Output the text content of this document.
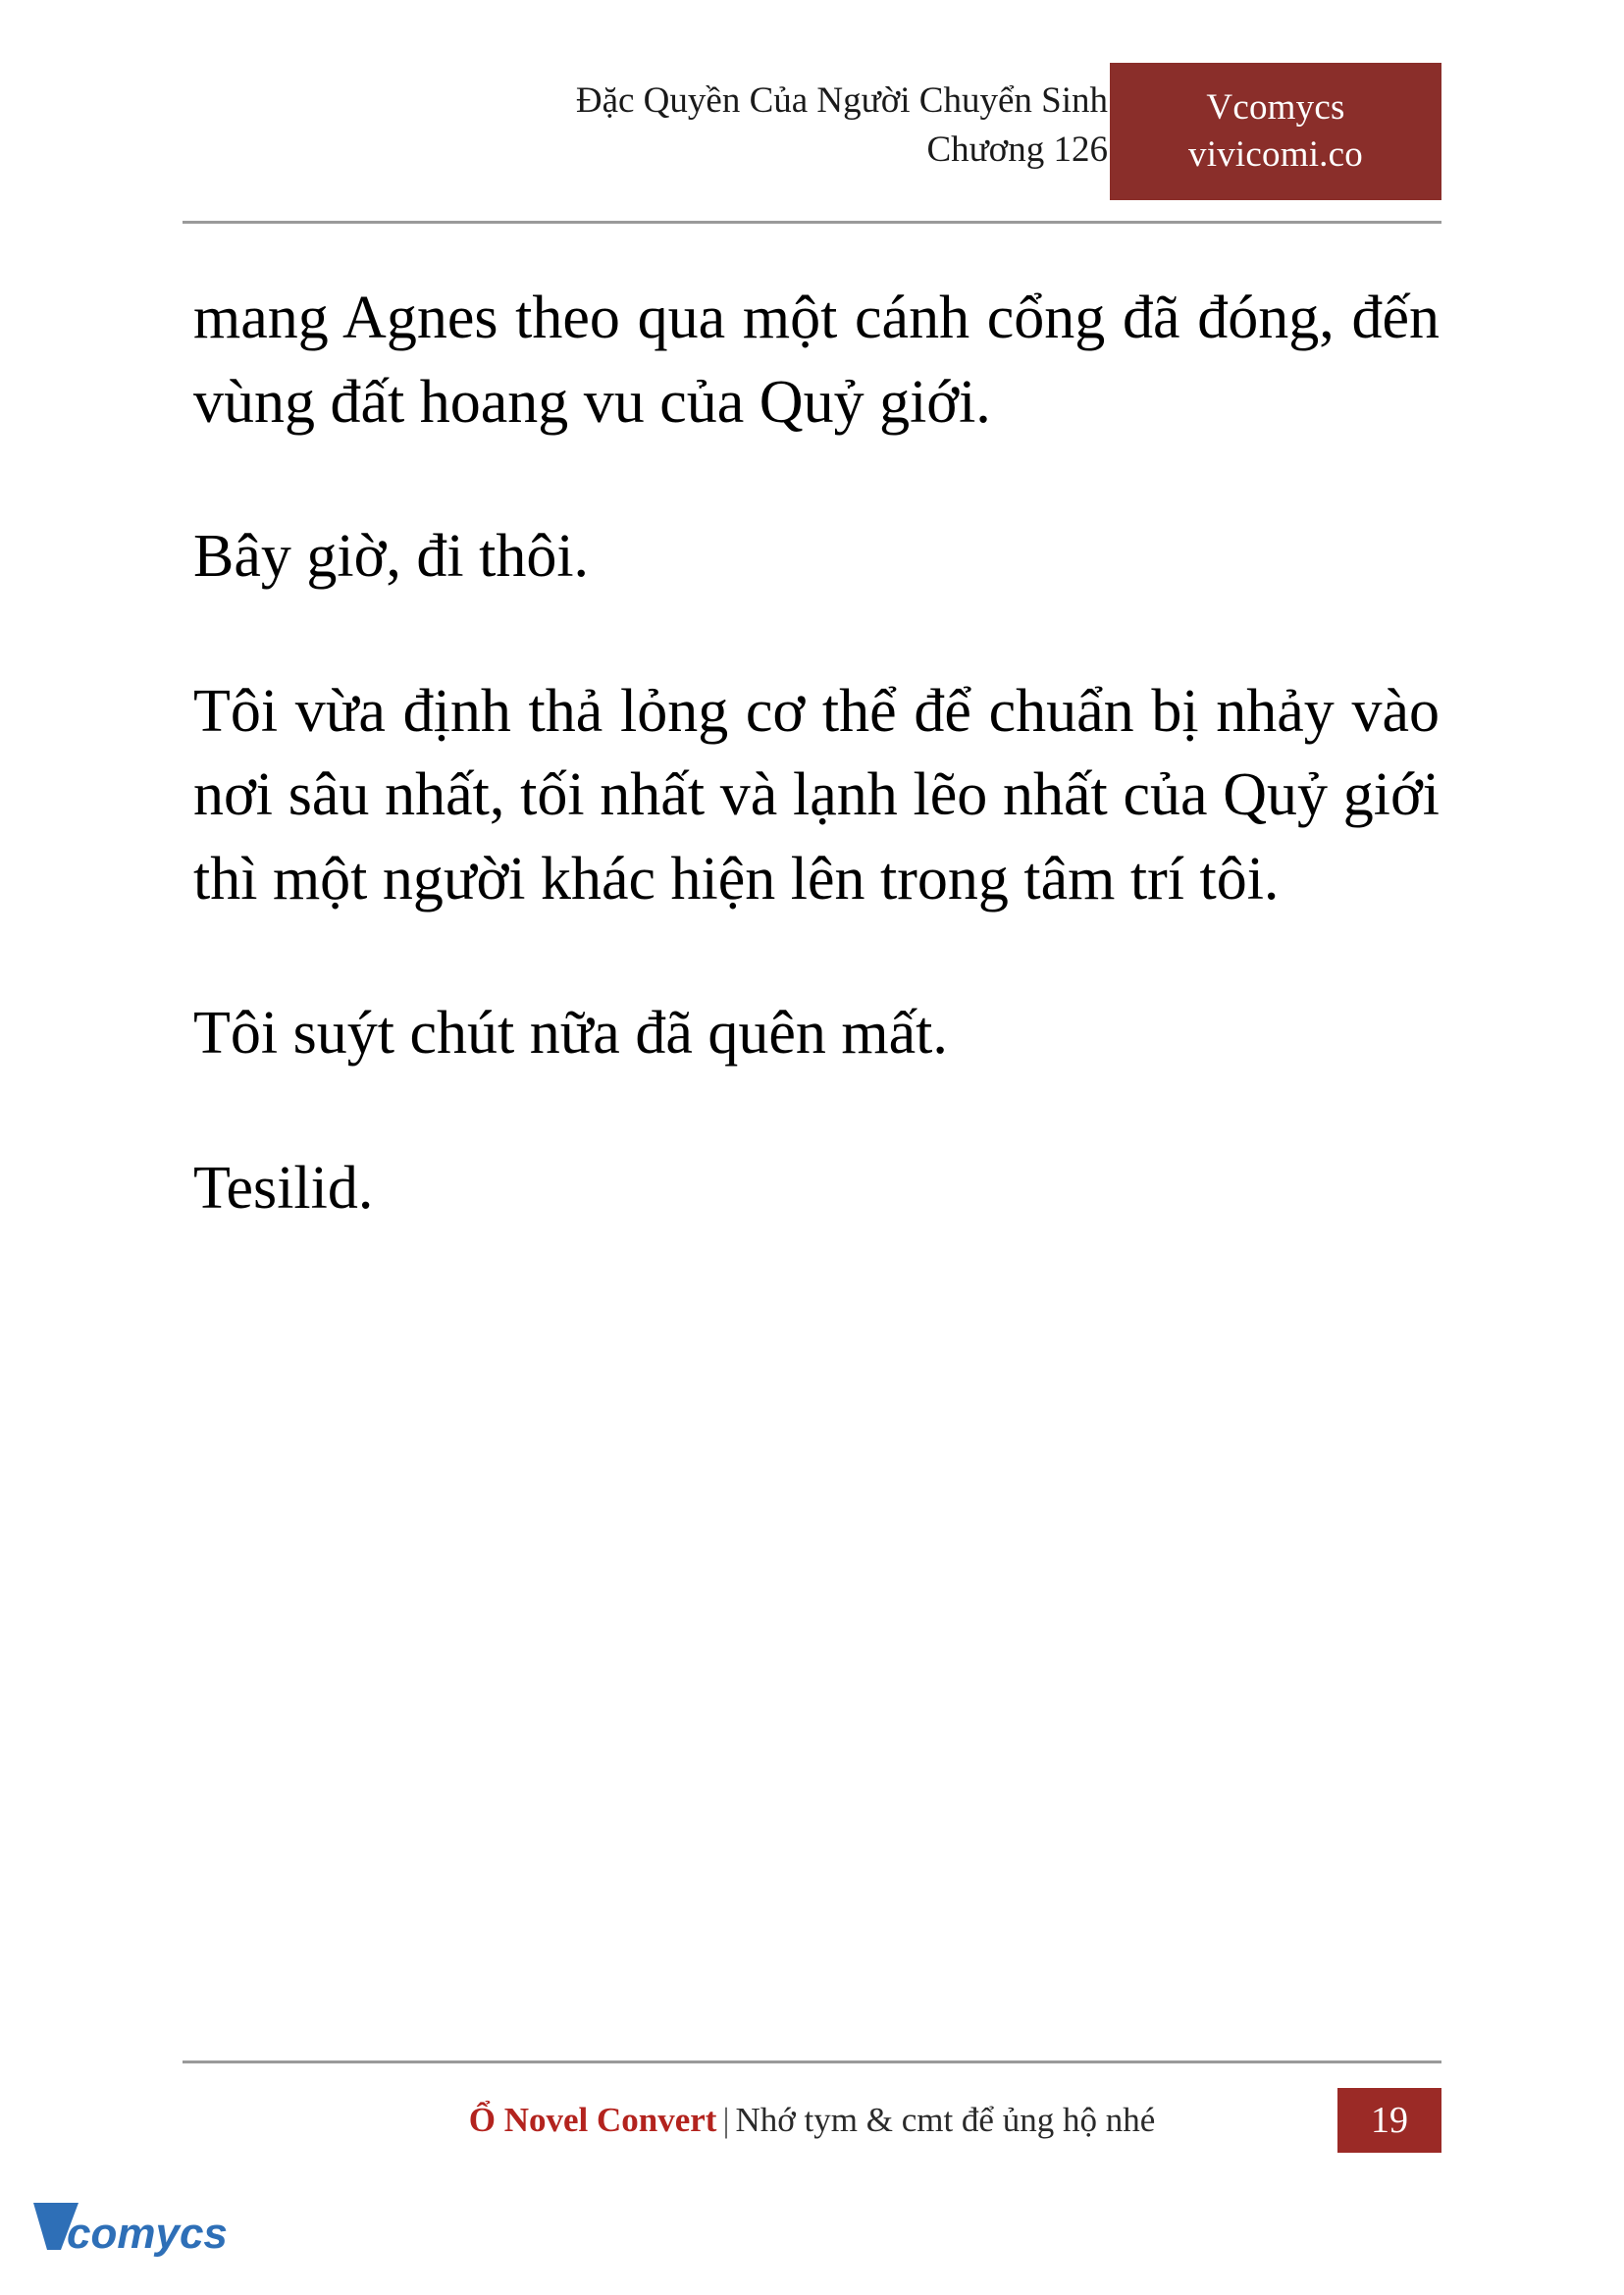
Đặc Quyền Của Người Chuyển Sinh
Chương 126
Vcomycs
vivicomi.co

mang Agnes theo qua một cánh cổng đã đóng, đến vùng đất hoang vu của Quỷ giới.

Bây giờ, đi thôi.

Tôi vừa định thả lỏng cơ thể để chuẩn bị nhảy vào nơi sâu nhất, tối nhất và lạnh lẽo nhất của Quỷ giới thì một người khác hiện lên trong tâm trí tôi.

Tôi suýt chút nữa đã quên mất.

Tesilid.

Ổ Novel Convert | Nhớ tym & cmt để ủng hộ nhé	19
comycs
